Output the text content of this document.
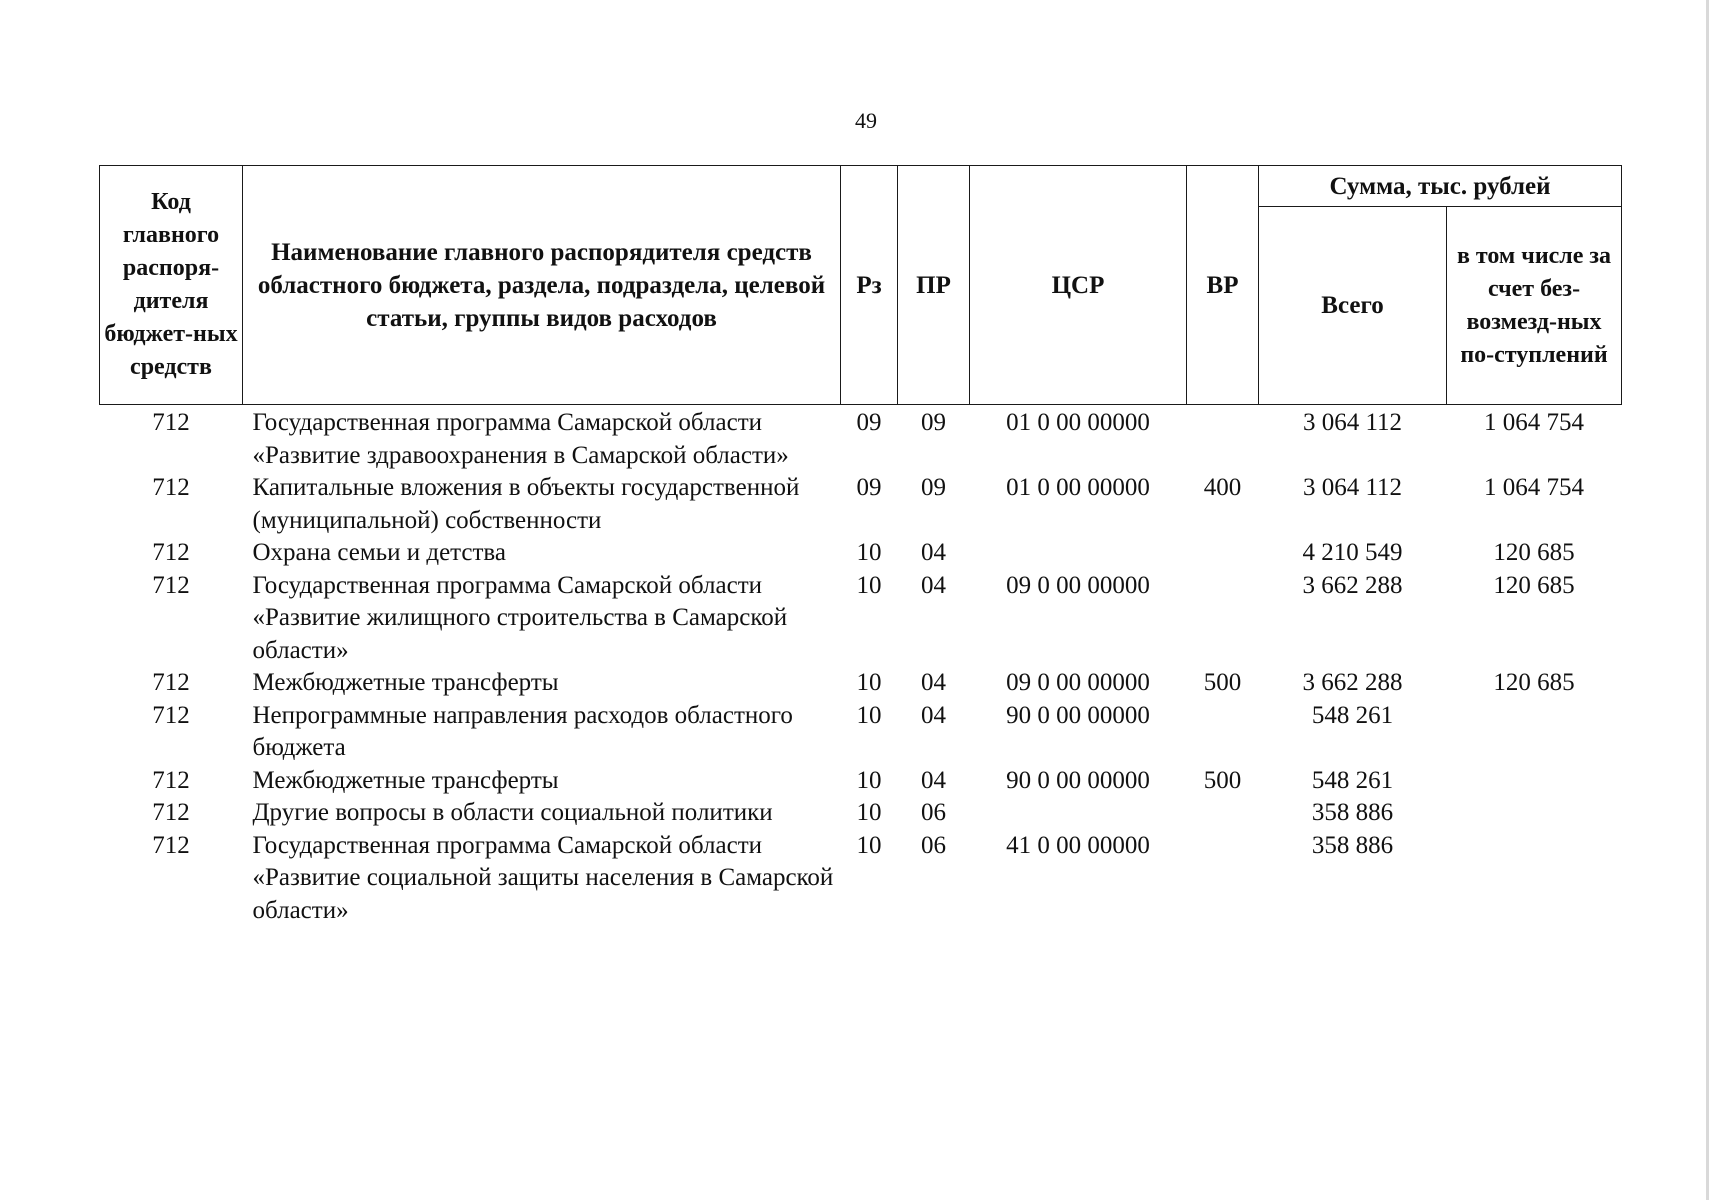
49
Код главного распоря-дителя бюджет-ных средств	Наименование главного распорядителя средств областного бюджета, раздела, подраздела, целевой статьи, группы видов расходов	Рз	ПР	ЦСР	ВР	Сумма, тыс. рублей	
						Всего	в том числе за счет без-возмезд-ных по-ступлений
712	Государственная программа Самарской области «Развитие здравоохранения в Самарской области»	09	09	01 0 00 00000		3 064 112	1 064 754
712	Капитальные вложения в объекты государственной (муниципальной) собственности	09	09	01 0 00 00000	400	3 064 112	1 064 754
712	Охрана семьи и детства	10	04			4 210 549	120 685
712	Государственная программа Самарской области «Развитие жилищного строительства в Самарской области»	10	04	09 0 00 00000		3 662 288	120 685
712	Межбюджетные трансферты	10	04	09 0 00 00000	500	3 662 288	120 685
712	Непрограммные направления расходов областного бюджета	10	04	90 0 00 00000		548 261	
712	Межбюджетные трансферты	10	04	90 0 00 00000	500	548 261	
712	Другие вопросы в области социальной политики	10	06			358 886	
712	Государственная программа Самарской области «Развитие социальной защиты населения в Самарской области»	10	06	41 0 00 00000		358 886	
